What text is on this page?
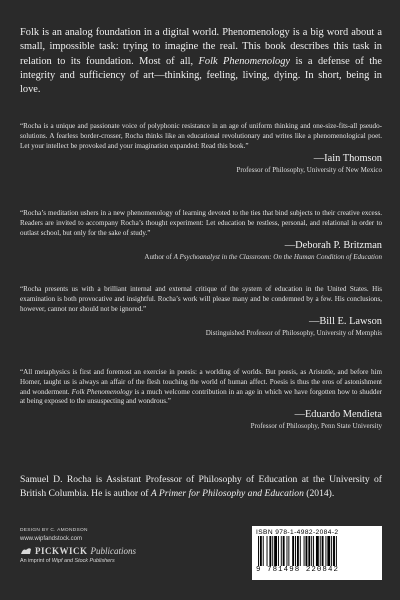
Folk is an analog foundation in a digital world. Phenomenology is a big word about a small, impossible task: trying to imagine the real. This book describes this task in relation to its foundation. Most of all, Folk Phenomenology is a defense of the integrity and sufficiency of art—thinking, feeling, living, dying. In short, being in love.

“Rocha is a unique and passionate voice of polyphonic resistance in an age of uniform thinking and one-size-fits-all pseudo-solutions. A fearless border-crosser, Rocha thinks like an educational revolutionary and writes like a phenomenological poet. Let your intellect be provoked and your imagination expanded: Read this book.”

—Iain Thomson
Professor of Philosophy, University of New Mexico

“Rocha’s meditation ushers in a new phenomenology of learning devoted to the ties that bind subjects to their creative excess. Readers are invited to accompany Rocha’s thought experiment: Let education be restless, personal, and relational in order to outlast school, but only for the sake of study.”

—Deborah P. Britzman
Author of A Psychoanalyst in the Classroom: On the Human Condition of Education

“Rocha presents us with a brilliant internal and external critique of the system of education in the United States. His examination is both provocative and insightful. Rocha’s work will please many and be condemned by a few. His conclusions, however, cannot nor should not be ignored.”

—Bill E. Lawson
Distinguished Professor of Philosophy, University of Memphis

“All metaphysics is first and foremost an exercise in poesis: a worlding of worlds. But poesis, as Aristotle, and before him Homer, taught us is always an affair of the flesh touching the world of human affect. Poesis is thus the eros of astonishment and wonderment. Folk Phenomenology is a much welcome contribution in an age in which we have forgotten how to shudder at being exposed to the unsuspecting and wondrous.”

—Eduardo Mendieta
Professor of Philosophy, Penn State University
Samuel D. Rocha is Assistant Professor of Philosophy of Education at the University of British Columbia. He is author of A Primer for Philosophy and Education (2014).
DESIGN BY C. AMONDSON
www.wipfandstock.com
PICKWICK Publications
An imprint of Wipf and Stock Publishers
ISBN 978-1-4982-2084-2
9 781498 220842
